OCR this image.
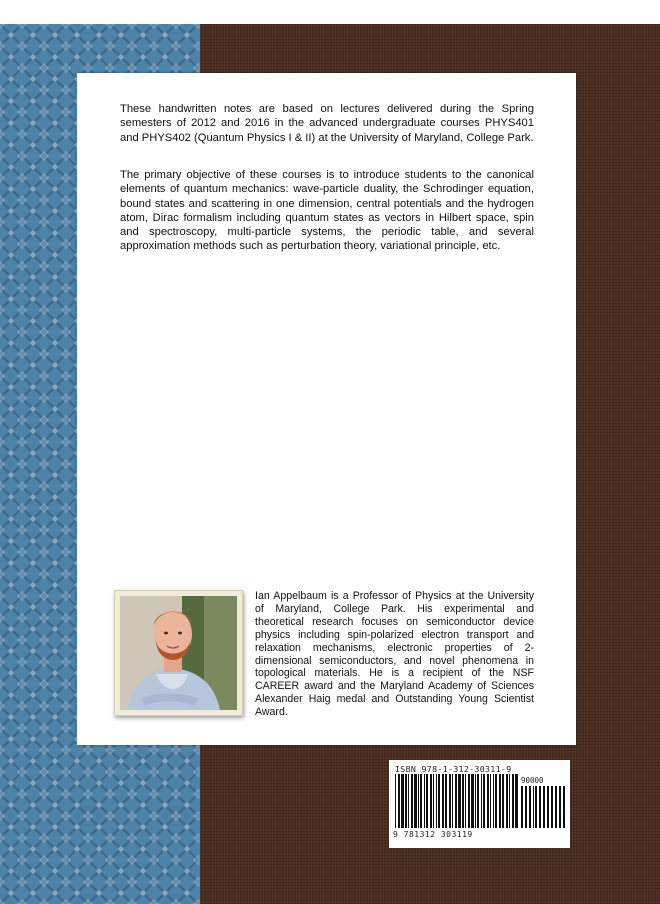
These handwritten notes are based on lectures delivered during the Spring semesters of 2012 and 2016 in the advanced undergraduate courses PHYS401 and PHYS402 (Quantum Physics I & II) at the University of Maryland, College Park.

The primary objective of these courses is to introduce students to the canonical elements of quantum mechanics: wave-particle duality, the Schrodinger equation, bound states and scattering in one dimension, central potentials and the hydrogen atom, Dirac formalism including quantum states as vectors in Hilbert space, spin and spectroscopy, multi-particle systems, the periodic table, and several approximation methods such as perturbation theory, variational principle, etc.

Ian Appelbaum is a Professor of Physics at the University of Maryland, College Park. His experimental and theoretical research focuses on semiconductor device physics including spin-polarized electron transport and relaxation mechanisms, electronic properties of 2-dimensional semiconductors, and novel phenomena in topological materials. He is a recipient of the NSF CAREER award and the Maryland Academy of Sciences Alexander Haig medal and Outstanding Young Scientist Award.

ISBN 978-1-312-30311-9
90000
9 781312 303119
